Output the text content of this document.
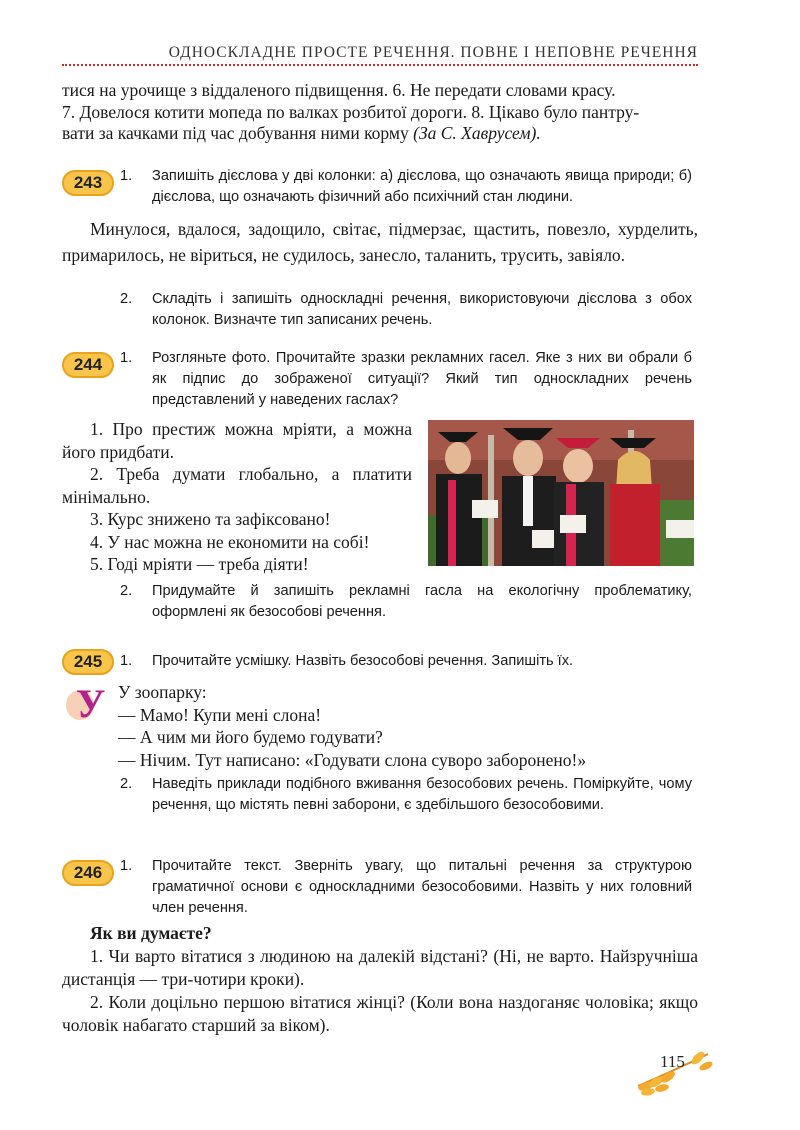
ОДНОСКЛАДНЕ ПРОСТЕ РЕЧЕННЯ. ПОВНЕ І НЕПОВНЕ РЕЧЕННЯ
тися на урочище з віддаленого підвищення. 6. Не передати словами красу.
7. Довелося котити мопеда по валках розбитої дороги. 8. Цікаво було пантру-
вати за качками під час добування ними корму (За С. Хаврусем).
243	1. Запишіть дієслова у дві колонки: а) дієслова, що означають явища природи; б) дієслова, що означають фізичний або психічний стан людини.
Минулося, вдалося, задощило, світає, підмерзає, щастить, повезло, хурделить, примарилось, не віриться, не судилось, занесло, таланить, трусить, завіяло.
2. Складіть і запишіть односкладні речення, використовуючи дієслова з обох колонок. Визначте тип записаних речень.
244	1. Розгляньте фото. Прочитайте зразки рекламних гасел. Яке з них ви обрали б як підпис до зображеної ситуації? Який тип односкладних речень представлений у наведених гаслах?
1. Про престиж можна мріяти, а можна його придбати.
2. Треба думати глобально, а платити мінімально.
3. Курс знижено та зафіксовано!
4. У нас можна не економити на собі!
5. Годі мріяти — треба діяти!
2. Придумайте й запишіть рекламні гасла на екологічну проблематику, оформлені як безособові речення.
245	1. Прочитайте усмішку. Назвіть безособові речення. Запишіть їх.
У У зоопарку:
— Мамо! Купи мені слона!
— А чим ми його будемо годувати?
— Нічим. Тут написано: «Годувати слона суворо заборонено!»
2. Наведіть приклади подібного вживання безособових речень. Поміркуйте, чому речення, що містять певні заборони, є здебільшого безособовими.
246	1. Прочитайте текст. Зверніть увагу, що питальні речення за структурою граматичної основи є односкладними безособовими. Назвіть у них головний член речення.
Як ви думаєте?
1. Чи варто вітатися з людиною на далекій відстані? (Ні, не варто. Найзручніша дистанція — три-чотири кроки).
2. Коли доцільно першою вітатися жінці? (Коли вона наздоганяє чоловіка; якщо чоловік набагато старший за віком).
115
